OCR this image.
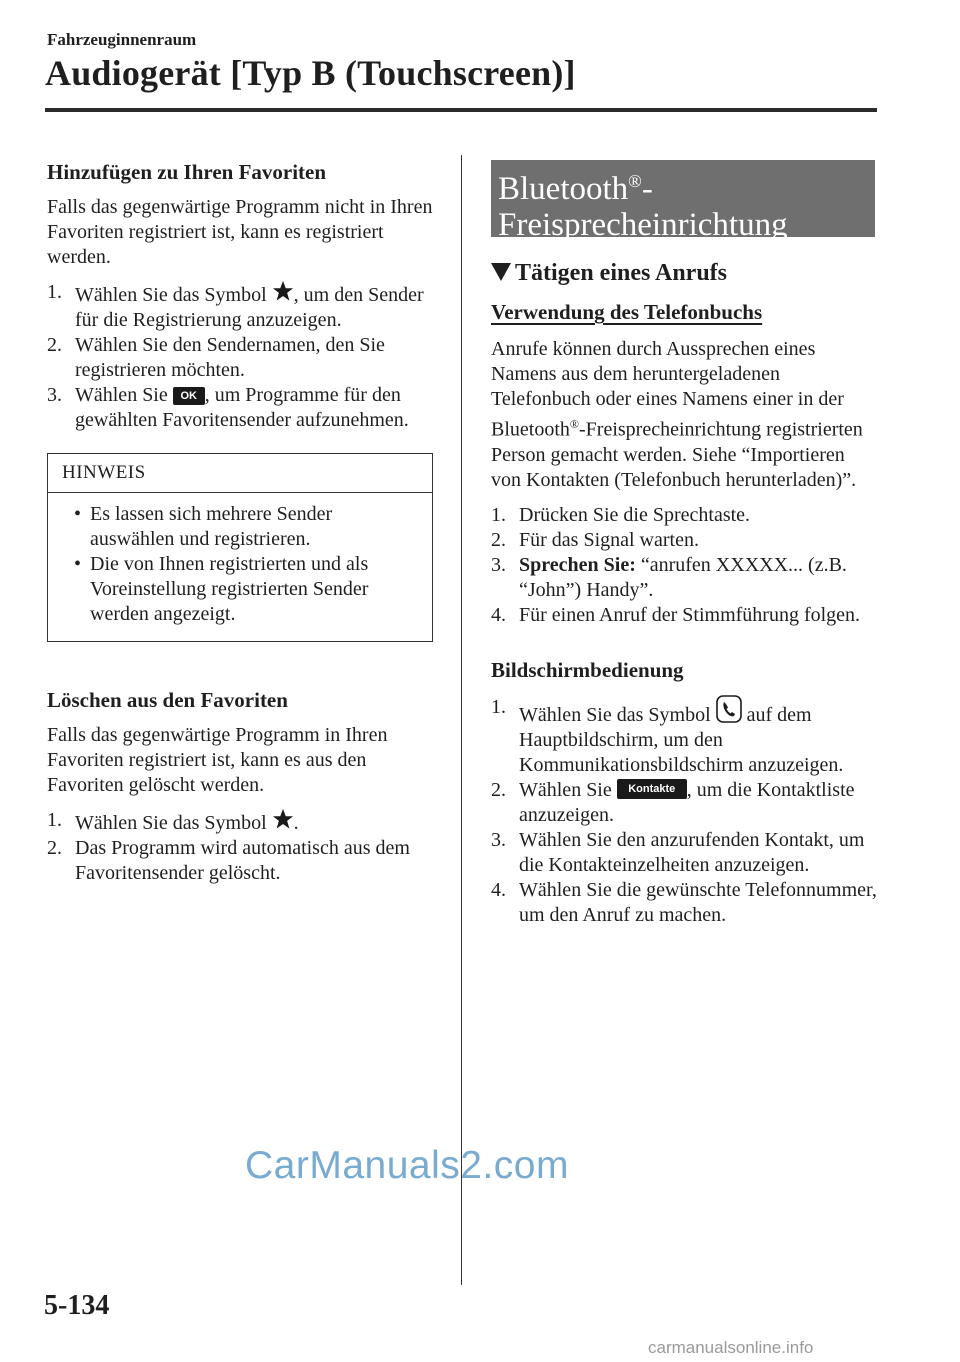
Fahrzeuginnenraum
Audiogerät [Typ B (Touchscreen)]
Hinzufügen zu Ihren Favoriten
Falls das gegenwärtige Programm nicht in Ihren Favoriten registriert ist, kann es registriert werden.
1. Wählen Sie das Symbol , um den Sender für die Registrierung anzuzeigen.
2. Wählen Sie den Sendernamen, den Sie registrieren möchten.
3. Wählen Sie OK , um Programme für den gewählten Favoritensender aufzunehmen.
HINWEIS
• Es lassen sich mehrere Sender auswählen und registrieren.
• Die von Ihnen registrierten und als Voreinstellung registrierten Sender werden angezeigt.
Löschen aus den Favoriten
Falls das gegenwärtige Programm in Ihren Favoriten registriert ist, kann es aus den Favoriten gelöscht werden.
1. Wählen Sie das Symbol .
2. Das Programm wird automatisch aus dem Favoritensender gelöscht.
Bluetooth®-
Freisprecheinrichtung
Tätigen eines Anrufs
Verwendung des Telefonbuchs
Anrufe können durch Aussprechen eines Namens aus dem heruntergeladenen Telefonbuch oder eines Namens einer in der Bluetooth®-Freisprecheinrichtung registrierten Person gemacht werden. Siehe “Importieren von Kontakten (Telefonbuch herunterladen)”.
1. Drücken Sie die Sprechtaste.
2. Für das Signal warten.
3. Sprechen Sie: “anrufen XXXXX... (z.B. “John”) Handy”.
4. Für einen Anruf der Stimmführung folgen.
Bildschirmbedienung
1. Wählen Sie das Symbol  auf dem Hauptbildschirm, um den Kommunikationsbildschirm anzuzeigen.
2. Wählen Sie Kontakte , um die Kontaktliste anzuzeigen.
3. Wählen Sie den anzurufenden Kontakt, um die Kontakteinzelheiten anzuzeigen.
4. Wählen Sie die gewünschte Telefonnummer, um den Anruf zu machen.
CarManuals2.com
5-134
carmanualsonline.info
